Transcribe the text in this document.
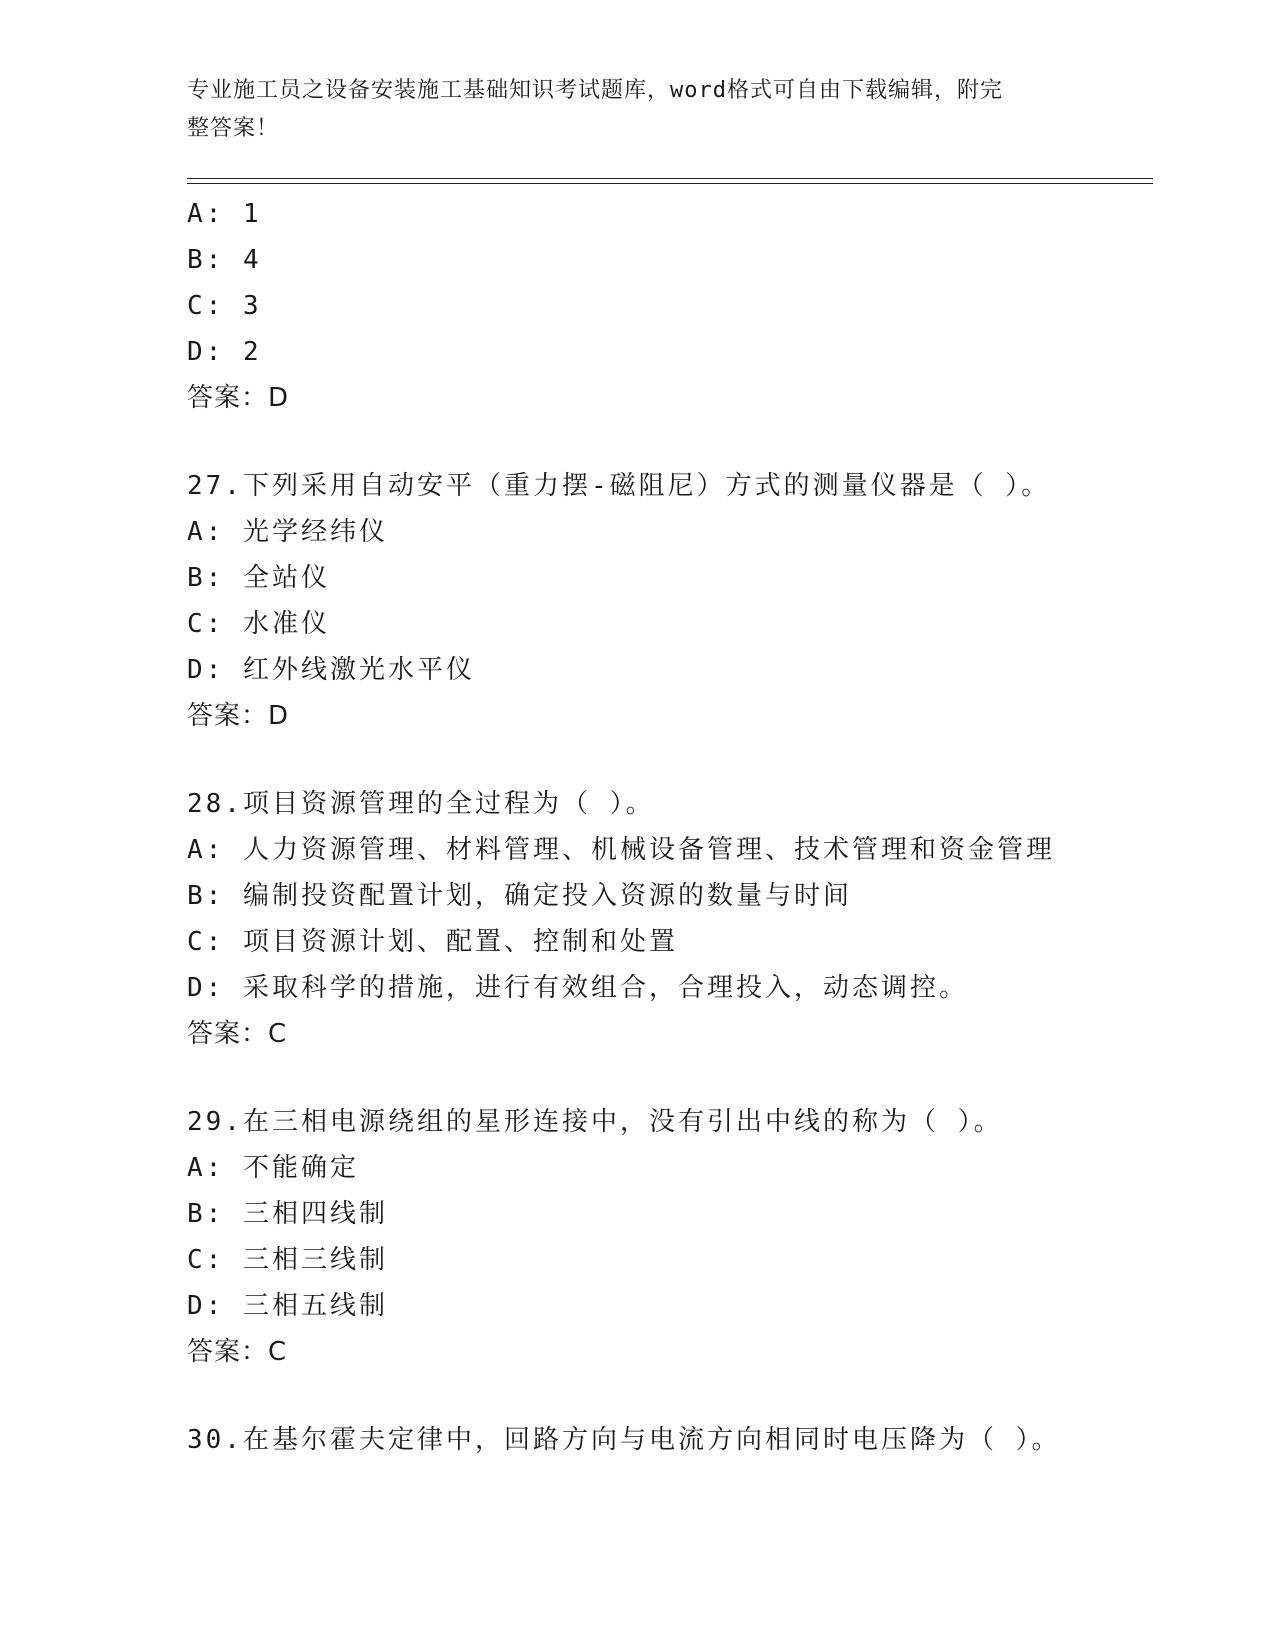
专业施工员之设备安装施工基础知识考试题库，word格式可自由下载编辑，附完
整答案！
A: 1
B: 4
C: 3
D: 2
答案：D
27.下列采用自动安平（重力摆-磁阻尼）方式的测量仪器是（ ）。
A: 光学经纬仪
B: 全站仪
C: 水准仪
D: 红外线激光水平仪
答案：D
28.项目资源管理的全过程为（ ）。
A: 人力资源管理、材料管理、机械设备管理、技术管理和资金管理
B: 编制投资配置计划，确定投入资源的数量与时间
C: 项目资源计划、配置、控制和处置
D: 采取科学的措施，进行有效组合，合理投入，动态调控。
答案：C
29.在三相电源绕组的星形连接中，没有引出中线的称为（ ）。
A: 不能确定
B: 三相四线制
C: 三相三线制
D: 三相五线制
答案：C
30.在基尔霍夫定律中，回路方向与电流方向相同时电压降为（ ）。
